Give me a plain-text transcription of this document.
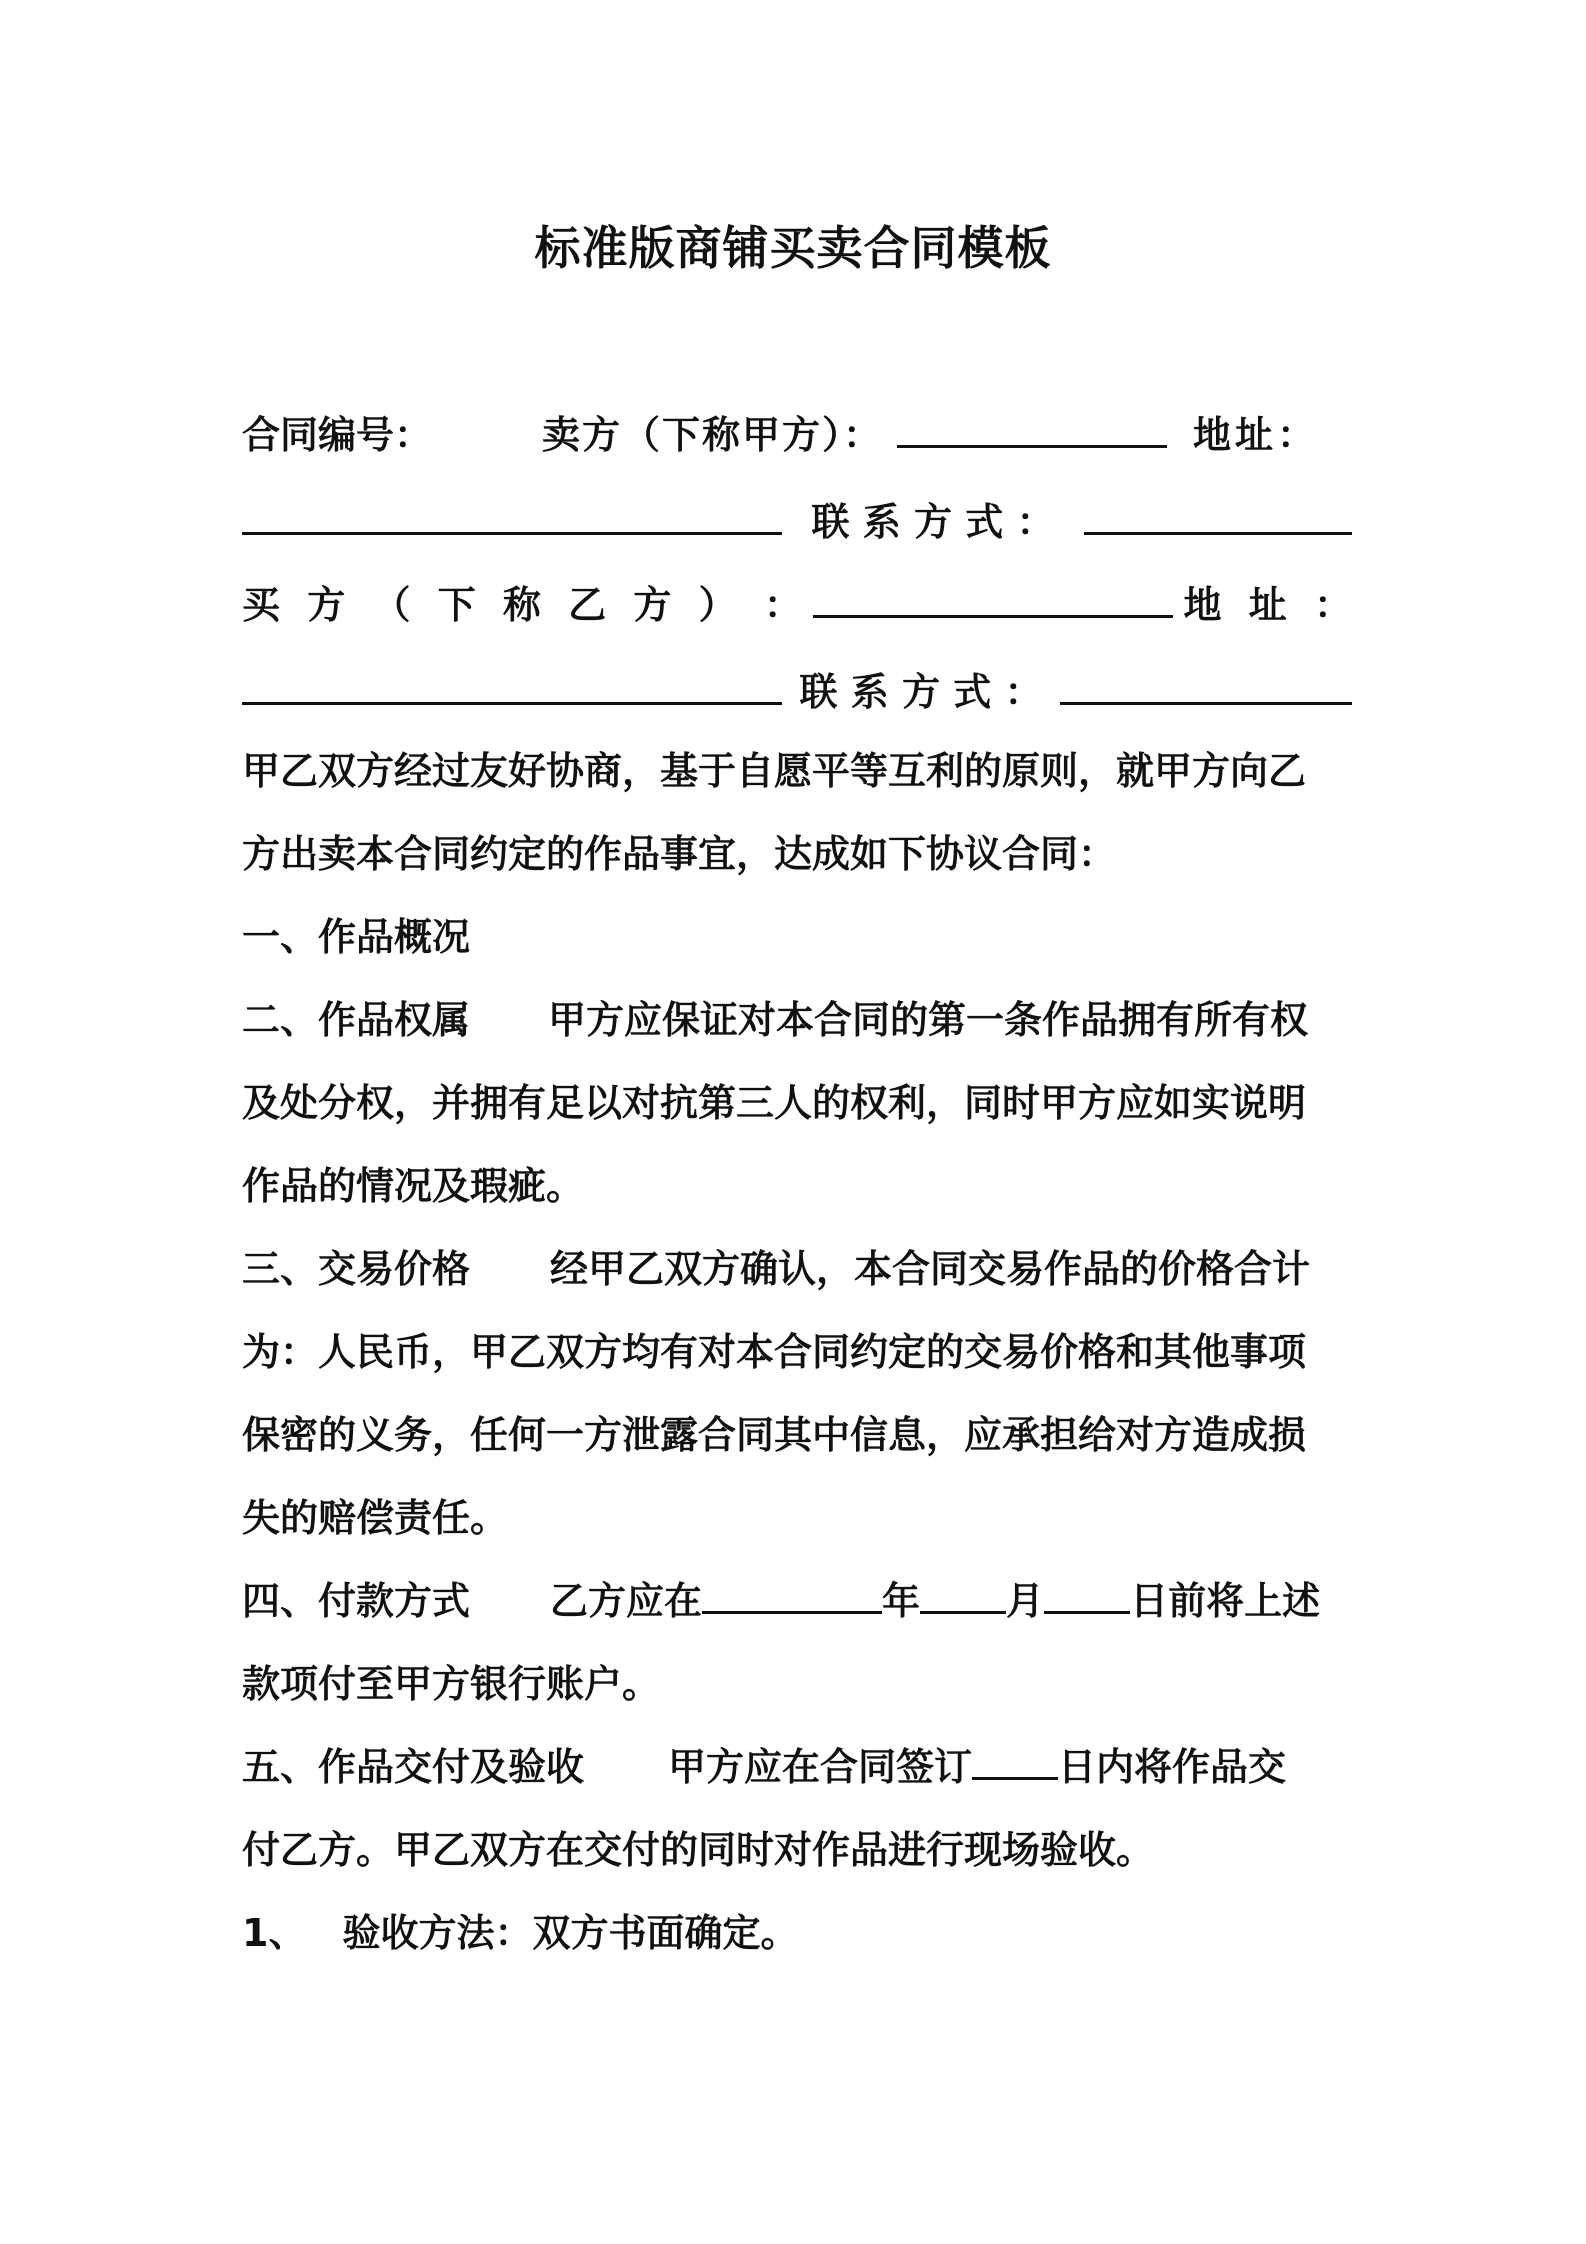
标准版商铺买卖合同模板
合同编号：	卖方（下称甲方）：	地址：
联 系 方 式 ：
买 方 （ 下 称 乙 方 ） ：	地 址 ：
联 系 方 式 ：
甲乙双方经过友好协商，基于自愿平等互利的原则，就甲方向乙
方出卖本合同约定的作品事宜，达成如下协议合同：
一、作品概况
二、作品权属 甲方应保证对本合同的第一条作品拥有所有权
及处分权，并拥有足以对抗第三人的权利，同时甲方应如实说明
作品的情况及瑕疵。
三、交易价格 经甲乙双方确认，本合同交易作品的价格合计
为：人民币，甲乙双方均有对本合同约定的交易价格和其他事项
保密的义务，任何一方泄露合同其中信息，应承担给对方造成损
失的赔偿责任。
四、付款方式 乙方应在	年 月 日前将上述
款项付至甲方银行账户。
五、作品交付及验收 甲方应在合同签订 日内将作品交
付乙方。甲乙双方在交付的同时对作品进行现场验收。
1、 验收方法：双方书面确定。
